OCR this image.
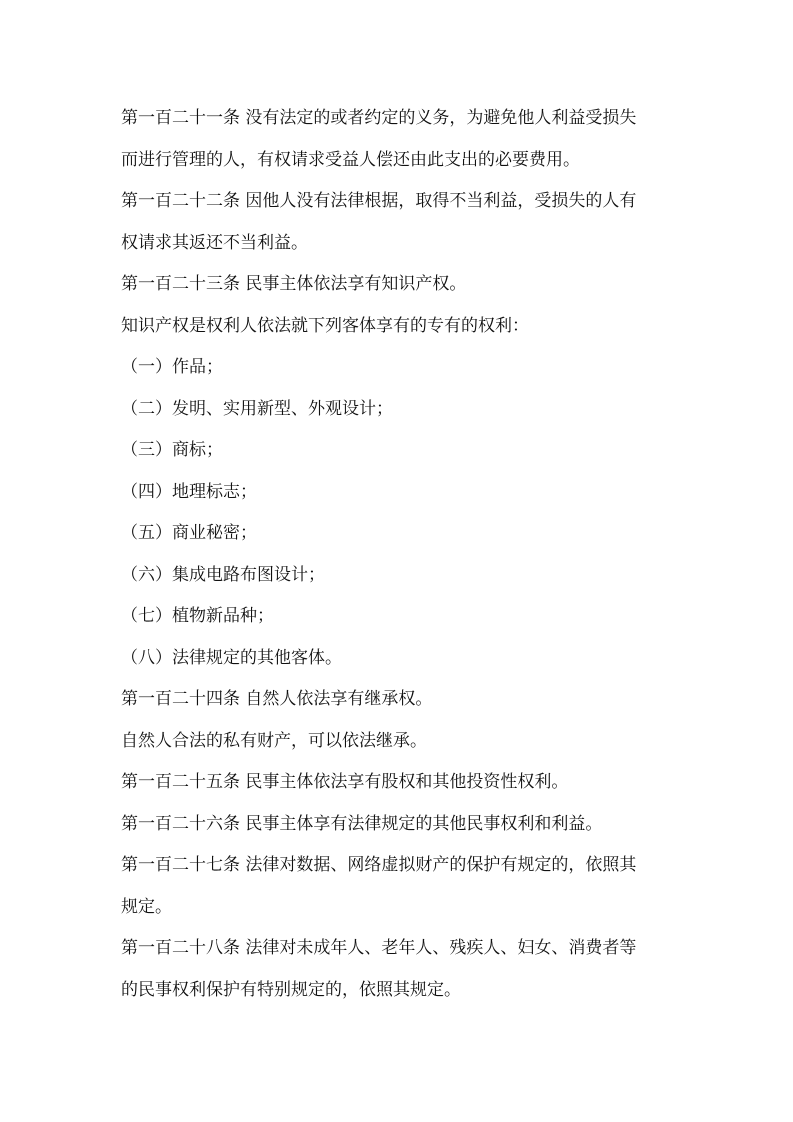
第一百二十一条 没有法定的或者约定的义务，为避免他人利益受损失
而进行管理的人，有权请求受益人偿还由此支出的必要费用。
第一百二十二条 因他人没有法律根据，取得不当利益，受损失的人有
权请求其返还不当利益。
第一百二十三条 民事主体依法享有知识产权。
知识产权是权利人依法就下列客体享有的专有的权利：
（一）作品；
（二）发明、实用新型、外观设计；
（三）商标；
（四）地理标志；
（五）商业秘密；
（六）集成电路布图设计；
（七）植物新品种；
（八）法律规定的其他客体。
第一百二十四条 自然人依法享有继承权。
自然人合法的私有财产，可以依法继承。
第一百二十五条 民事主体依法享有股权和其他投资性权利。
第一百二十六条 民事主体享有法律规定的其他民事权利和利益。
第一百二十七条 法律对数据、网络虚拟财产的保护有规定的，依照其
规定。
第一百二十八条 法律对未成年人、老年人、残疾人、妇女、消费者等
的民事权利保护有特别规定的，依照其规定。
